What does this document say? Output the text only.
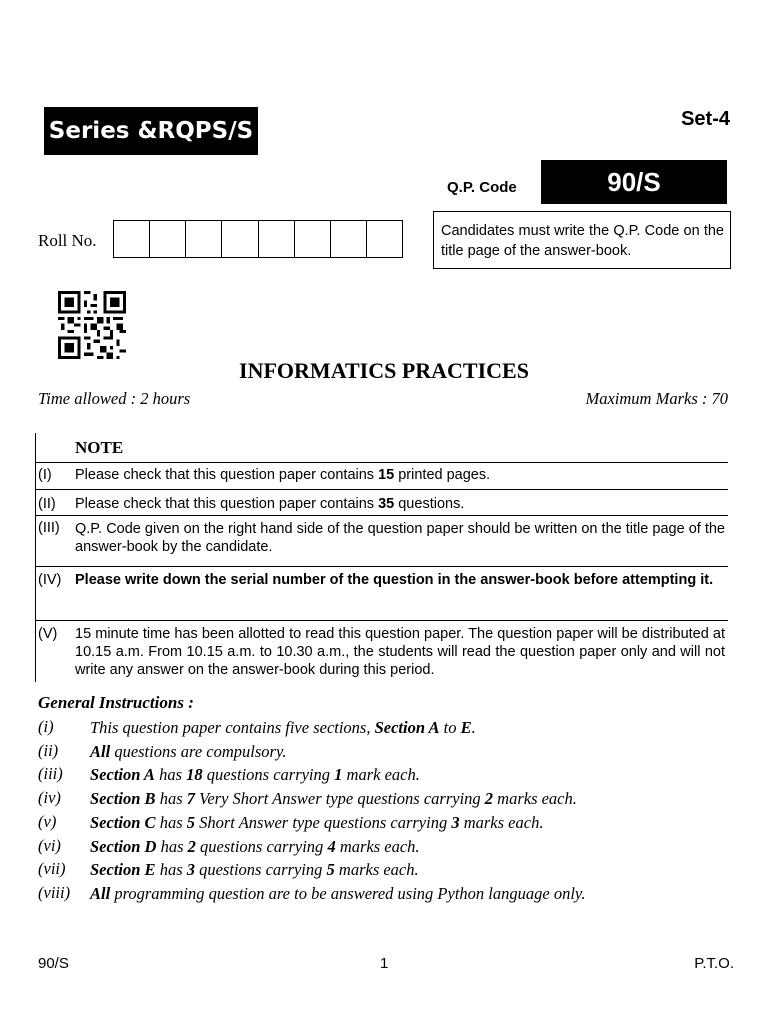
Series &RQPS/S	Set-4
Q.P. Code	90/S
Roll No.	Candidates must write the Q.P. Code on the title page of the answer-book.
INFORMATICS PRACTICES
Time allowed : 2 hours	Maximum Marks : 70
NOTE
(I) Please check that this question paper contains 15 printed pages.
(II) Please check that this question paper contains 35 questions.
(III) Q.P. Code given on the right hand side of the question paper should be written on the title page of the answer-book by the candidate.
(IV) Please write down the serial number of the question in the answer-book before attempting it.
(V) 15 minute time has been allotted to read this question paper. The question paper will be distributed at 10.15 a.m. From 10.15 a.m. to 10.30 a.m., the students will read the question paper only and will not write any answer on the answer-book during this period.
General Instructions :
(i) This question paper contains five sections, Section A to E.
(ii) All questions are compulsory.
(iii) Section A has 18 questions carrying 1 mark each.
(iv) Section B has 7 Very Short Answer type questions carrying 2 marks each.
(v) Section C has 5 Short Answer type questions carrying 3 marks each.
(vi) Section D has 2 questions carrying 4 marks each.
(vii) Section E has 3 questions carrying 5 marks each.
(viii) All programming question are to be answered using Python language only.
90/S	1	P.T.O.
